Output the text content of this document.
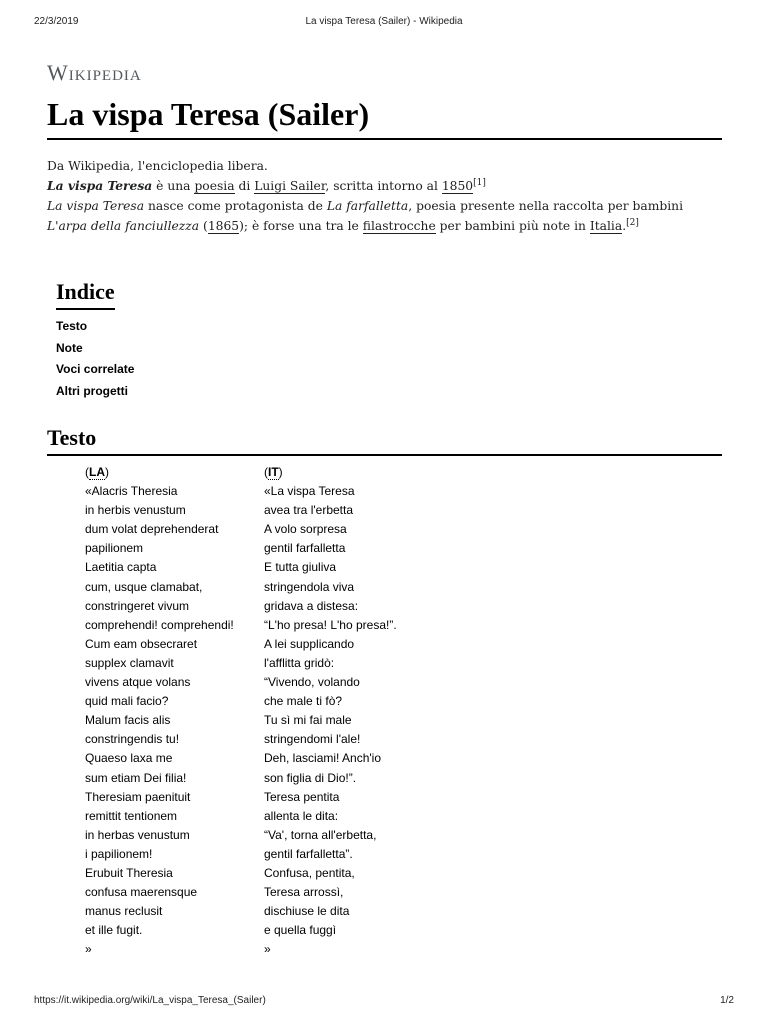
22/3/2019	La vispa Teresa (Sailer) - Wikipedia
Wikipedia
La vispa Teresa (Sailer)

Da Wikipedia, l'enciclopedia libera.

La vispa Teresa è una poesia di Luigi Sailer, scritta intorno al 1850[1]

La vispa Teresa nasce come protagonista de La farfalletta, poesia presente nella raccolta per bambini L'arpa della fanciullezza (1865); è forse una tra le filastrocche per bambini più note in Italia.[2]

Indice
Testo
Note
Voci correlate
Altri progetti
Testo
(LA)
«Alacris Theresia
in herbis venustum
dum volat deprehenderat
papilionem
Laetitia capta
cum, usque clamabat,
constringeret vivum
comprehendi! comprehendi!
Cum eam obsecraret
supplex clamavit
vivens atque volans
quid mali facio?
Malum facis alis
constringendis tu!
Quaeso laxa me
sum etiam Dei filia!
Theresiam paenituit
remittit tentionem
in herbas venustum
i papilionem!
Erubuit Theresia
confusa maerensque
manus reclusit
et ille fugit.
»
(IT)
«La vispa Teresa
avea tra l'erbetta
A volo sorpresa
gentil farfalletta
E tutta giuliva
stringendola viva
gridava a distesa:
“L'ho presa! L'ho presa!”.
A lei supplicando
l'afflitta gridò:
“Vivendo, volando
che male ti fò?
Tu sì mi fai male
stringendomi l'ale!
Deh, lasciami! Anch'io
son figlia di Dio!”.
Teresa pentita
allenta le dita:
“Va', torna all'erbetta,
gentil farfalletta”.
Confusa, pentita,
Teresa arrossì,
dischiuse le dita
e quella fuggì
»
https://it.wikipedia.org/wiki/La_vispa_Teresa_(Sailer)	1/2
